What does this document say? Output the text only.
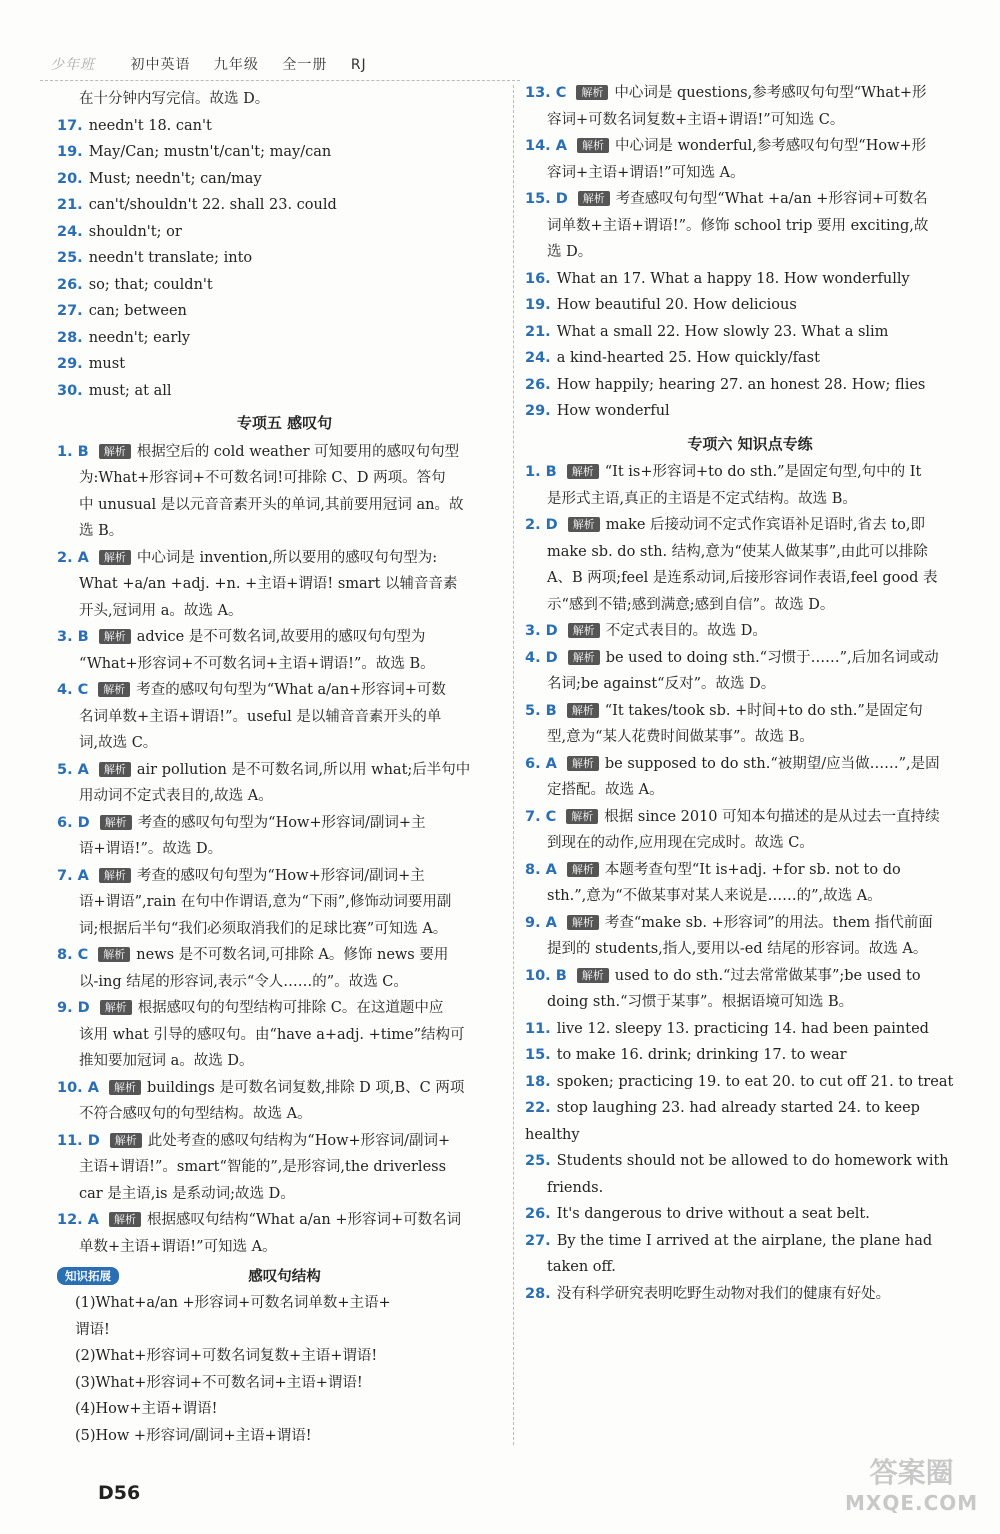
少年班	初中英语 九年级 全一册 RJ
在十分钟内写完信。故选 D。
17. needn't 18. can't
19. May/Can; mustn't/can't; may/can
20. Must; needn't; can/may
21. can't/shouldn't 22. shall 23. could
24. shouldn't; or
25. needn't translate; into
26. so; that; couldn't
27. can; between
28. needn't; early
29. must
30. must; at all
专项五 感叹句
1. B 解析 根据空后的 cold weather 可知要用的感叹句句型
为:What+形容词+不可数名词!可排除 C、D 两项。答句
中 unusual 是以元音音素开头的单词,其前要用冠词 an。故
选 B。
2. A 解析 中心词是 invention,所以要用的感叹句句型为:
What +a/an +adj. +n. +主语+谓语! smart 以辅音音素
开头,冠词用 a。故选 A。
3. B 解析 advice 是不可数名词,故要用的感叹句句型为
“What+形容词+不可数名词+主语+谓语!”。故选 B。
4. C 解析 考查的感叹句句型为“What a/an+形容词+可数
名词单数+主语+谓语!”。useful 是以辅音音素开头的单
词,故选 C。
5. A 解析 air pollution 是不可数名词,所以用 what;后半句中
用动词不定式表目的,故选 A。
6. D 解析 考查的感叹句句型为“How+形容词/副词+主
语+谓语!”。故选 D。
7. A 解析 考查的感叹句句型为“How+形容词/副词+主
语+谓语”,rain 在句中作谓语,意为“下雨”,修饰动词要用副
词;根据后半句“我们必须取消我们的足球比赛”可知选 A。
8. C 解析 news 是不可数名词,可排除 A。修饰 news 要用
以-ing 结尾的形容词,表示“令人……的”。故选 C。
9. D 解析 根据感叹句的句型结构可排除 C。在这道题中应
该用 what 引导的感叹句。由“have a+adj. +time”结构可
推知要加冠词 a。故选 D。
10. A 解析 buildings 是可数名词复数,排除 D 项,B、C 两项
不符合感叹句的句型结构。故选 A。
11. D 解析 此处考查的感叹句结构为“How+形容词/副词+
主语+谓语!”。smart“智能的”,是形容词,the driverless
car 是主语,is 是系动词;故选 D。
12. A 解析 根据感叹句结构“What a/an +形容词+可数名词
单数+主语+谓语!”可知选 A。
知识拓展	感叹句结构
(1)What+a/an +形容词+可数名词单数+主语+
谓语!
(2)What+形容词+可数名词复数+主语+谓语!
(3)What+形容词+不可数名词+主语+谓语!
(4)How+主语+谓语!
(5)How +形容词/副词+主语+谓语!
13. C 解析 中心词是 questions,参考感叹句句型“What+形
容词+可数名词复数+主语+谓语!”可知选 C。
14. A 解析 中心词是 wonderful,参考感叹句句型“How+形
容词+主语+谓语!”可知选 A。
15. D 解析 考查感叹句句型“What +a/an +形容词+可数名
词单数+主语+谓语!”。修饰 school trip 要用 exciting,故
选 D。
16. What an 17. What a happy 18. How wonderfully
19. How beautiful 20. How delicious
21. What a small 22. How slowly 23. What a slim
24. a kind-hearted 25. How quickly/fast
26. How happily; hearing 27. an honest 28. How; flies
29. How wonderful
专项六 知识点专练
1. B 解析 “It is+形容词+to do sth.”是固定句型,句中的 It
是形式主语,真正的主语是不定式结构。故选 B。
2. D 解析 make 后接动词不定式作宾语补足语时,省去 to,即
make sb. do sth. 结构,意为“使某人做某事”,由此可以排除
A、B 两项;feel 是连系动词,后接形容词作表语,feel good 表
示“感到不错;感到满意;感到自信”。故选 D。
3. D 解析 不定式表目的。故选 D。
4. D 解析 be used to doing sth.“习惯于……”,后加名词或动
名词;be against“反对”。故选 D。
5. B 解析 “It takes/took sb. +时间+to do sth.”是固定句
型,意为“某人花费时间做某事”。故选 B。
6. A 解析 be supposed to do sth.“被期望/应当做……”,是固
定搭配。故选 A。
7. C 解析 根据 since 2010 可知本句描述的是从过去一直持续
到现在的动作,应用现在完成时。故选 C。
8. A 解析 本题考查句型“It is+adj. +for sb. not to do
sth.”,意为“不做某事对某人来说是……的”,故选 A。
9. A 解析 考查“make sb. +形容词”的用法。them 指代前面
提到的 students,指人,要用以-ed 结尾的形容词。故选 A。
10. B 解析 used to do sth.“过去常常做某事”;be used to
doing sth.“习惯于某事”。根据语境可知选 B。
11. live 12. sleepy 13. practicing 14. had been painted
15. to make 16. drink; drinking 17. to wear
18. spoken; practicing 19. to eat 20. to cut off 21. to treat
22. stop laughing 23. had already started 24. to keep healthy
25. Students should not be allowed to do homework with
friends.
26. It's dangerous to drive without a seat belt.
27. By the time I arrived at the airplane, the plane had
taken off.
28. 没有科学研究表明吃野生动物对我们的健康有好处。
D56
答案圈
MXQE.COM
